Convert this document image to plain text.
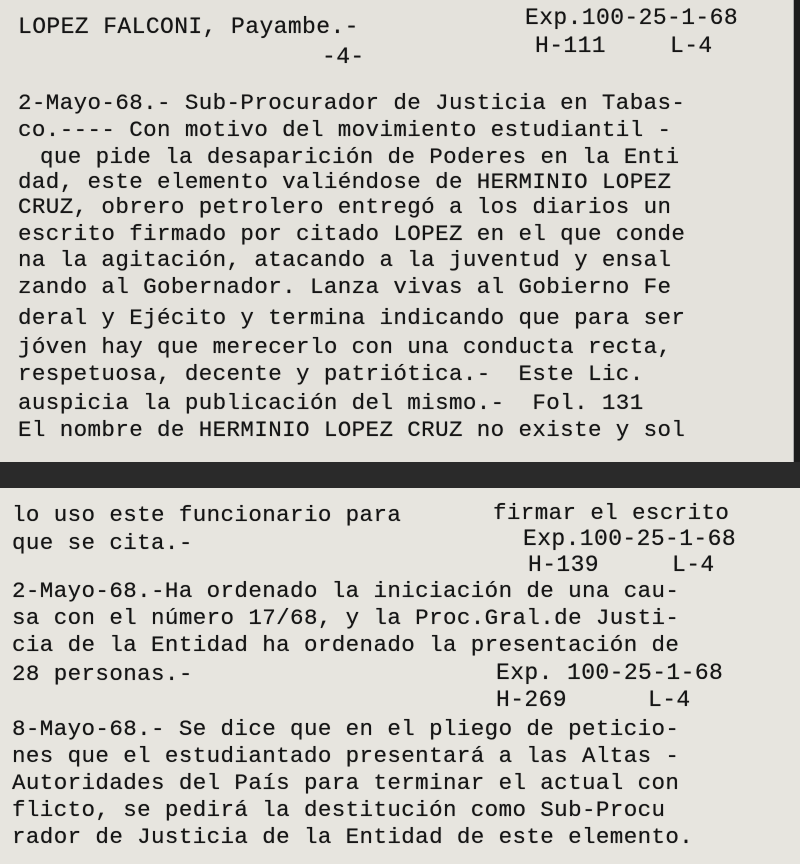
LOPEZ FALCONI, Payambe.-
-4-
Exp.100-25-1-68
H-111	L-4
2-Mayo-68.- Sub-Procurador de Justicia en Tabas-
co.---- Con motivo del movimiento estudiantil -
que pide la desaparición de Poderes en la Enti
dad, este elemento valiéndose de HERMINIO LOPEZ
CRUZ, obrero petrolero entregó a los diarios un
escrito firmado por citado LOPEZ en el que conde
na la agitación, atacando a la juventud y ensal
zando al Gobernador. Lanza vivas al Gobierno Fe
deral y Ejécito y termina indicando que para ser
jóven hay que merecerlo con una conducta recta,
respetuosa, decente y patriótica.-  Este Lic.
auspicia la publicación del mismo.-  Fol. 131
El nombre de HERMINIO LOPEZ CRUZ no existe y sol
lo uso este funcionario para	firmar el escrito
que se cita.-	Exp.100-25-1-68
H-139	L-4
2-Mayo-68.-Ha ordenado la iniciación de una cau-
sa con el número 17/68, y la Proc.Gral.de Justi-
cia de la Entidad ha ordenado la presentación de
28 personas.-	Exp. 100-25-1-68
H-269	L-4
8-Mayo-68.- Se dice que en el pliego de peticio-
nes que el estudiantado presentará a las Altas -
Autoridades del País para terminar el actual con
flicto, se pedirá la destitución como Sub-Procu
rador de Justicia de la Entidad de este elemento.
